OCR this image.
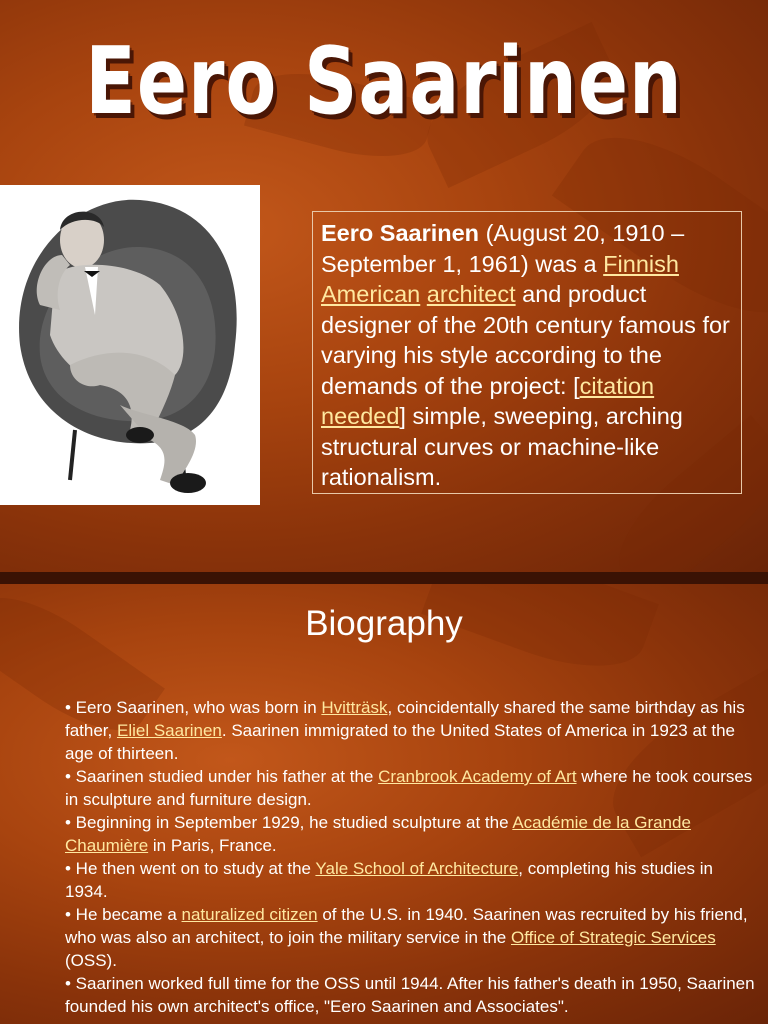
Eero Saarinen
Eero Saarinen (August 20, 1910 – September 1, 1961) was a Finnish American architect and product designer of the 20th century famous for varying his style according to the demands of the project: [citation needed] simple, sweeping, arching structural curves or machine-like rationalism.
Biography

• Eero Saarinen, who was born in Hvitträsk, coincidentally shared the same birthday as his father, Eliel Saarinen. Saarinen immigrated to the United States of America in 1923 at the age of thirteen.

• Saarinen studied under his father at the Cranbrook Academy of Art where he took courses in sculpture and furniture design.

• Beginning in September 1929, he studied sculpture at the Académie de la Grande Chaumière in Paris, France.

• He then went on to study at the Yale School of Architecture, completing his studies in 1934.

• He became a naturalized citizen of the U.S. in 1940. Saarinen was recruited by his friend, who was also an architect, to join the military service in the Office of Strategic Services (OSS).

• Saarinen worked full time for the OSS until 1944. After his father's death in 1950, Saarinen founded his own architect's office, "Eero Saarinen and Associates".
